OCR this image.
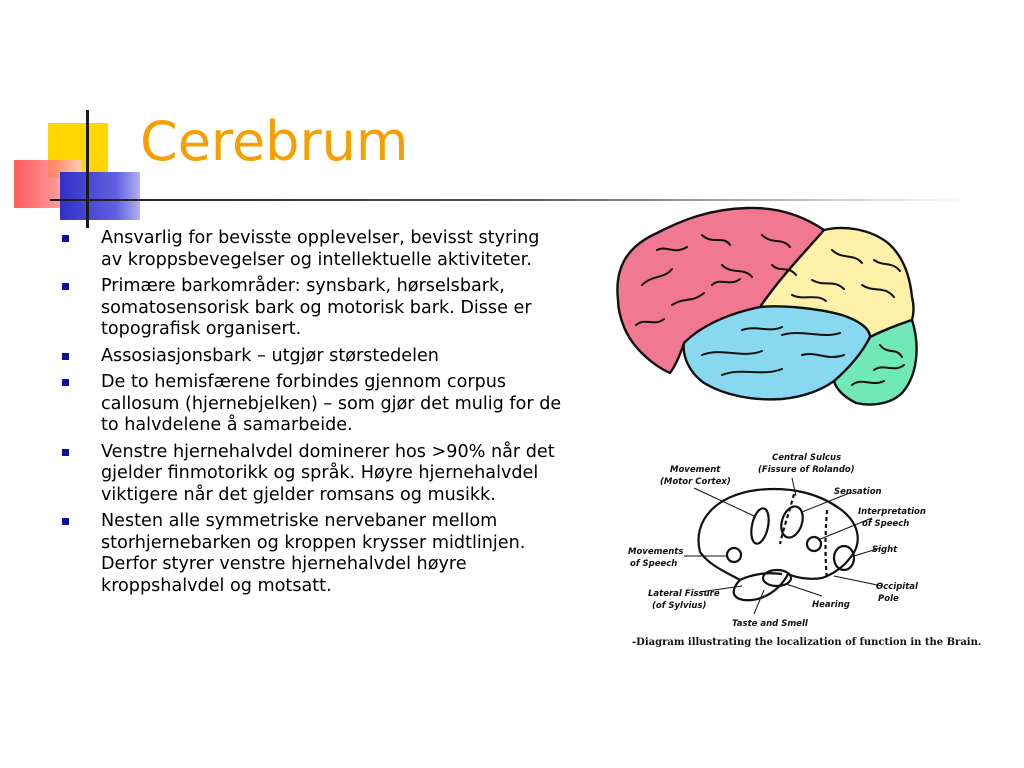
Cerebrum
Ansvarlig for bevisste opplevelser, bevisst styring av kroppsbevegelser og intellektuelle aktiviteter.
Primære barkområder: synsbark, hørselsbark, somatosensorisk bark og motorisk bark. Disse er topografisk organisert.
Assosiasjonsbark – utgjør størstedelen
De to hemisfærene forbindes gjennom corpus callosum (hjernebjelken) – som gjør det mulig for de to halvdelene å samarbeide.
Venstre hjernehalvdel dominerer hos >90% når det gjelder finmotorikk og språk. Høyre hjernehalvdel viktigere når det gjelder romsans og musikk.
Nesten alle symmetriske nervebaner mellom storhjernebarken og kroppen krysser midtlinjen. Derfor styrer venstre hjernehalvdel høyre kroppshalvdel og motsatt.
Movement
(Motor Cortex)
Central Sulcus
(Fissure of Rolando)
Sensation
Interpretation
of Speech
Sight
Occipital
Pole
Movements
of Speech
Lateral Fissure
(of Sylvius)	Hearing
Taste and Smell
-Diagram illustrating the localization of function in the Brain.
